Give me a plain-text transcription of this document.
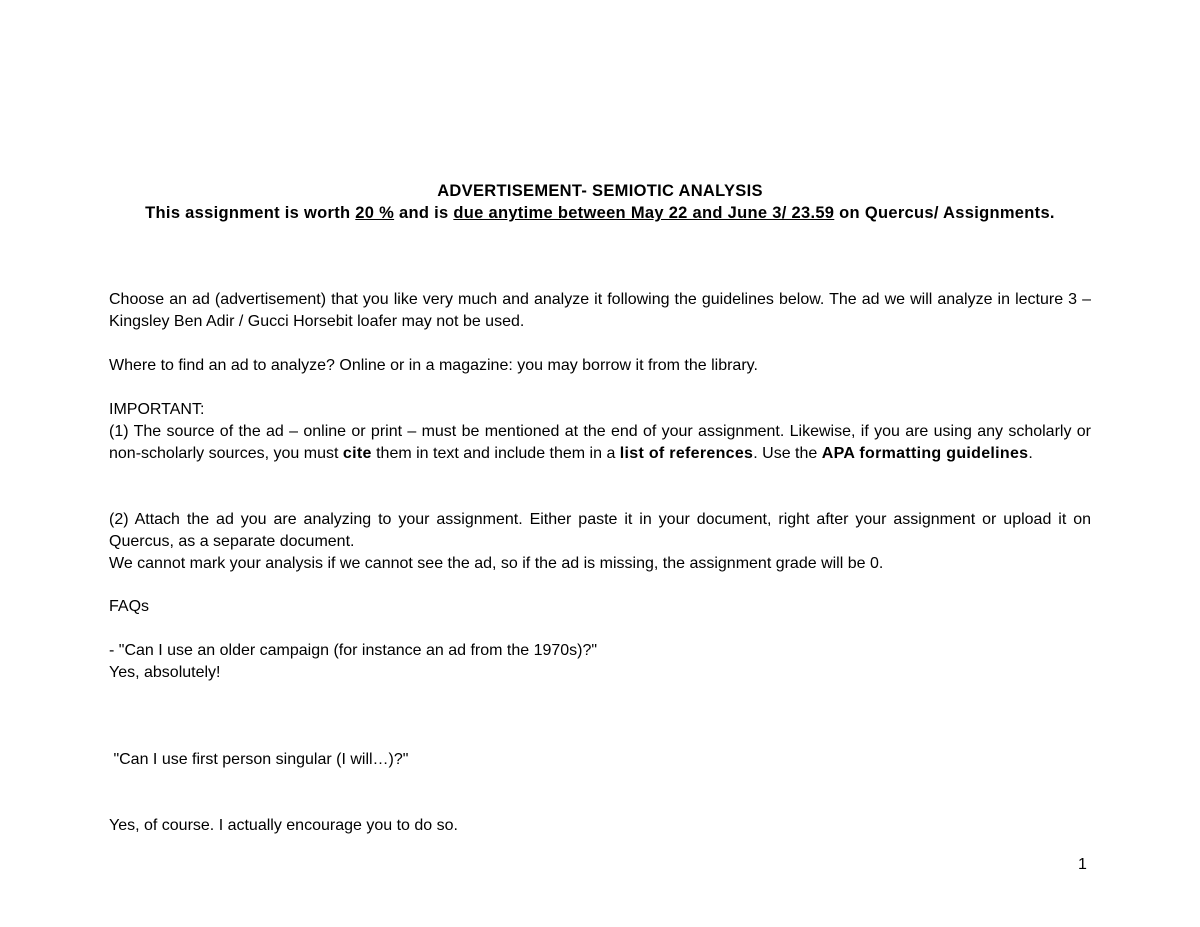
ADVERTISEMENT- SEMIOTIC ANALYSIS
This assignment is worth 20 % and is due anytime between May 22 and June 3/ 23.59 on Quercus/ Assignments.
Choose an ad (advertisement) that you like very much and analyze it following the guidelines below. The ad we will analyze in lecture 3 – Kingsley Ben Adir / Gucci Horsebit loafer may not be used.
Where to find an ad to analyze? Online or in a magazine: you may borrow it from the library.
IMPORTANT:
(1) The source of the ad – online or print – must be mentioned at the end of your assignment. Likewise, if you are using any scholarly or non-scholarly sources, you must cite them in text and include them in a list of references. Use the APA formatting guidelines.
(2) Attach the ad you are analyzing to your assignment. Either paste it in your document, right after your assignment or upload it on Quercus, as a separate document.
We cannot mark your analysis if we cannot see the ad, so if the ad is missing, the assignment grade will be 0.
FAQs
- "Can I use an older campaign (for instance an ad from the 1970s)?"
Yes, absolutely!

"Can I use first person singular (I will…)?"

Yes, of course. I actually encourage you to do so.

1
